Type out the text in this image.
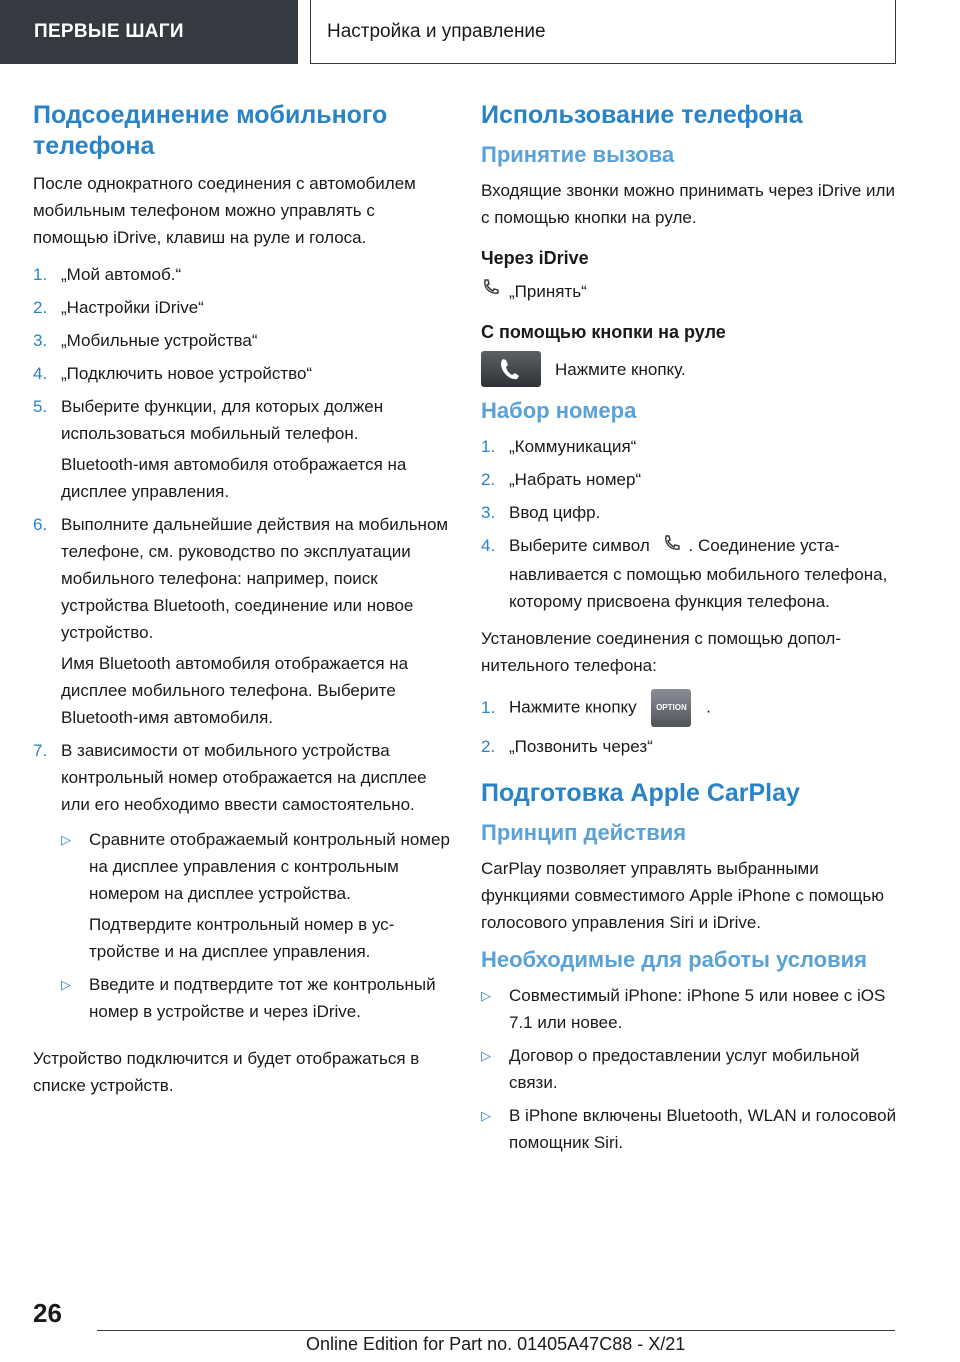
ПЕРВЫЕ ШАГИ	Настройка и управление
Подсоединение мобильного телефона

После однократного соединения с автомобилем мобильным телефоном можно управлять с помощью iDrive, клавиш на руле и голоса.

1. „Мой автомоб.“
2. „Настройки iDrive“
3. „Мобильные устройства“
4. „Подключить новое устройство“
5. Выберите функции, для которых должен использоваться мобильный телефон.

Bluetooth-имя автомобиля отображается на дисплее управления.

6. Выполните дальнейшие действия на мобильном телефоне, см. руководство по эксплуатации мобильного телефона: например, поиск устройства Bluetooth, соединение или новое устройство.

Имя Bluetooth автомобиля отображается на дисплее мобильного телефона. Выберите Bluetooth-имя автомобиля.

7. В зависимости от мобильного устройства контрольный номер отображается на дисплее или его необходимо ввести самостоятельно.
▷	Сравните отображаемый контрольный номер на дисплее управления с контрольным номером на дисплее устройства.

Подтвердите контрольный номер в устройстве и на дисплее управления.

▷	Введите и подтвердите тот же контрольный номер в устройстве и через iDrive.

Устройство подключится и будет отображаться в списке устройств.

Использование телефона
Принятие вызова

Входящие звонки можно принимать через iDrive или с помощью кнопки на руле.

Через iDrive
„Принять“
С помощью кнопки на руле
Нажмите кнопку.
Набор номера
1. „Коммуникация“
2. „Набрать номер“
3. Ввод цифр.
4. Выберите символ . Соединение устанавливается с помощью мобильного телефона, которому присвоена функция телефона.

Установление соединения с помощью дополнительного телефона:

1. Нажмите кнопку OPTION .
2. „Позвонить через“
Подготовка Apple CarPlay
Принцип действия

CarPlay позволяет управлять выбранными функциями совместимого Apple iPhone с помощью голосового управления Siri и iDrive.

Необходимые для работы условия
▷	Совместимый iPhone: iPhone 5 или новее с iOS 7.1 или новее.
▷	Договор о предоставлении услуг мобильной связи.
▷	В iPhone включены Bluetooth, WLAN и голосовой помощник Siri.
26
Online Edition for Part no. 01405A47C88 - X/21
